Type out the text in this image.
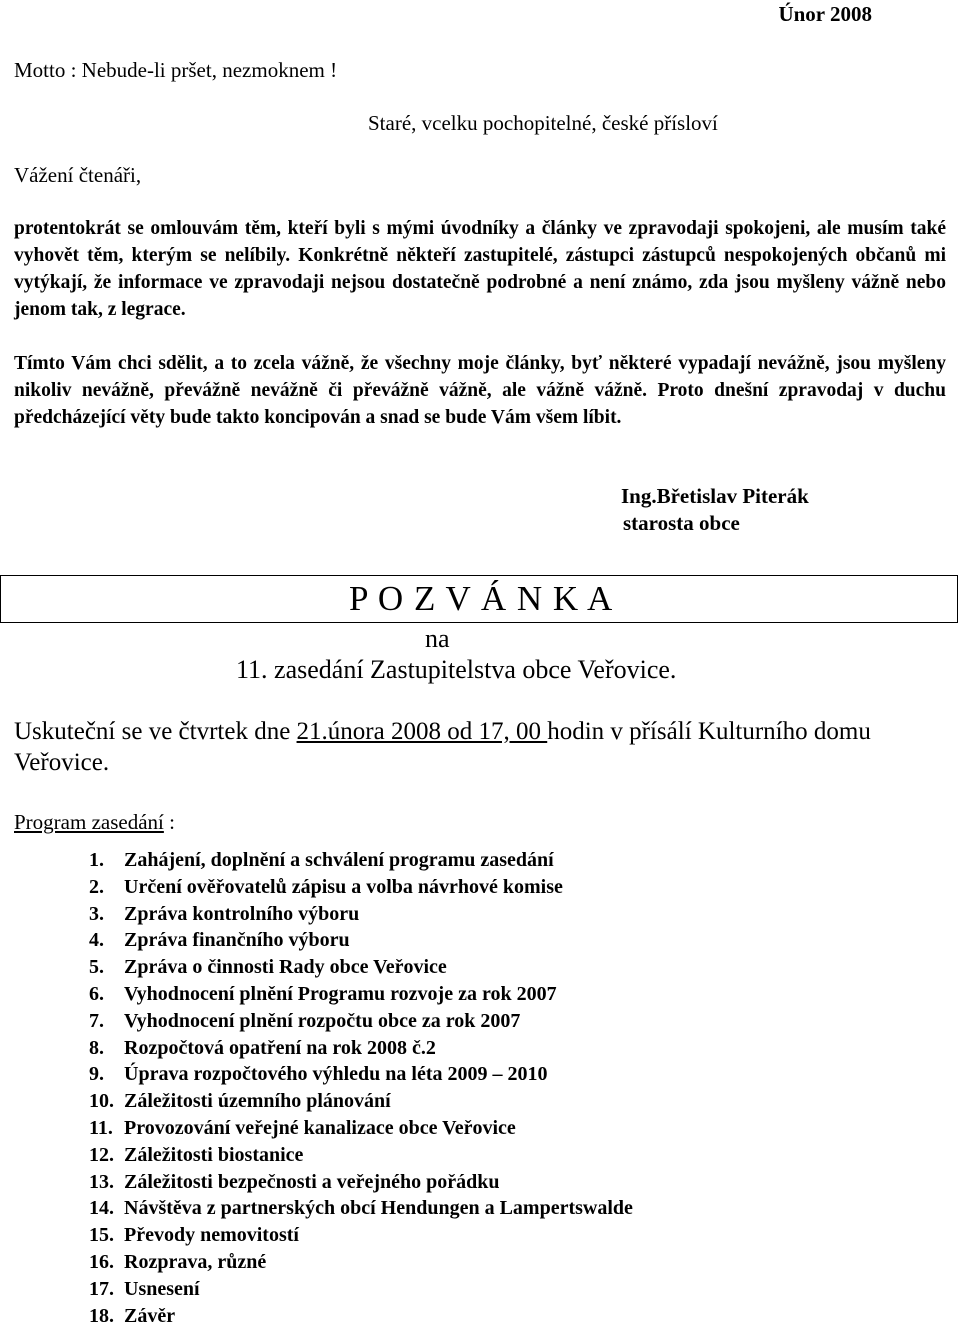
Únor 2008

Motto : Nebude-li pršet, nezmoknem !

Staré, vcelku pochopitelné, české přísloví

Vážení čtenáři,

protentokrát se omlouvám těm, kteří byli s mými úvodníky a články ve zpravodaji spokojeni, ale musím také vyhovět těm, kterým se nelíbily. Konkrétně někteří zastupitelé, zástupci zástupců nespokojených občanů mi vytýkají, že informace ve zpravodaji nejsou dostatečně podrobné a není známo, zda jsou myšleny vážně nebo jenom tak, z legrace.

Tímto Vám chci sdělit, a to zcela vážně, že všechny moje články, byť některé vypadají nevážně, jsou myšleny nikoliv nevážně, převážně nevážně či převážně vážně, ale vážně vážně. Proto dnešní zpravodaj v duchu předcházející věty bude takto koncipován a snad se bude Vám všem líbit.

Ing.Břetislav Piterák

starosta obce

P O Z V Á N K A

na

11. zasedání Zastupitelstva obce Veřovice.

Uskuteční se ve čtvrtek dne 21.února 2008 od 17, 00 hodin v přísálí Kulturního domu Veřovice.

Program zasedání :

1.	Zahájení, doplnění a schválení programu zasedání
2.	Určení ověřovatelů zápisu a volba návrhové komise
3.	Zpráva kontrolního výboru
4.	Zpráva finančního výboru
5.	Zpráva o činnosti Rady obce Veřovice
6.	Vyhodnocení plnění Programu rozvoje za rok 2007
7.	Vyhodnocení plnění rozpočtu obce za rok 2007
8.	Rozpočtová opatření na rok 2008 č.2
9.	Úprava rozpočtového výhledu na léta 2009 – 2010
10. Záležitosti územního plánování
11. Provozování veřejné kanalizace obce Veřovice
12. Záležitosti biostanice
13. Záležitosti bezpečnosti a veřejného pořádku
14. Návštěva z partnerských obcí Hendungen a Lampertswalde
15. Převody nemovitostí
16. Rozprava, různé
17. Usnesení
18. Závěr
